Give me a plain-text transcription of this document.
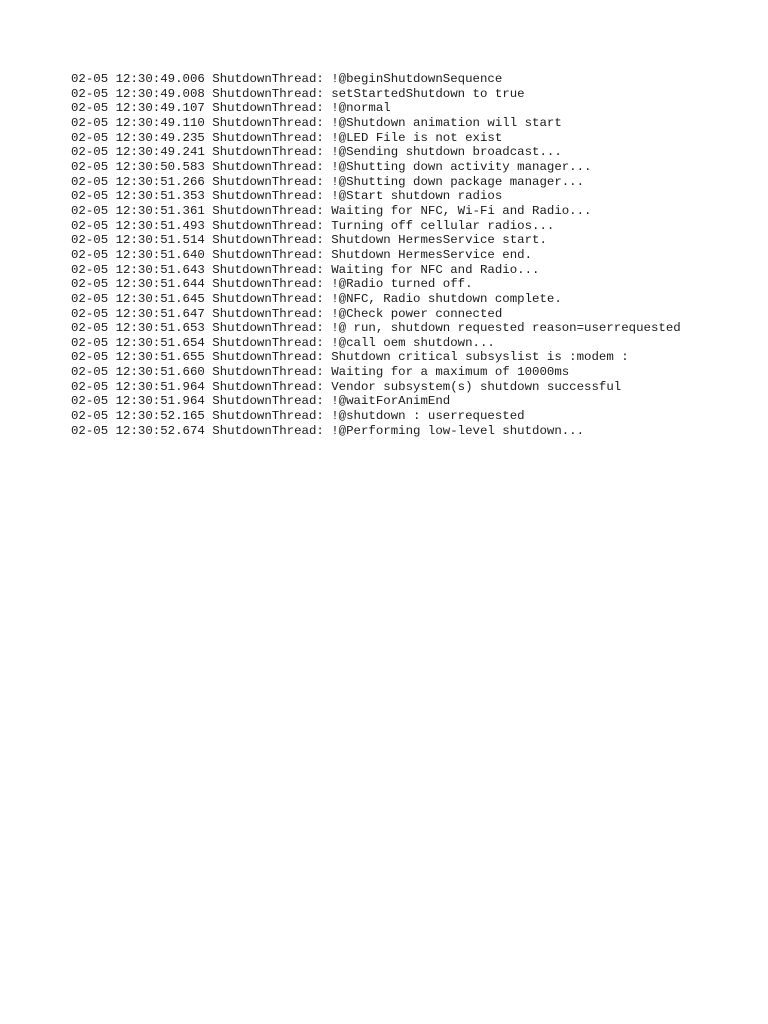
02-05 12:30:49.006 ShutdownThread: !@beginShutdownSequence
02-05 12:30:49.008 ShutdownThread: setStartedShutdown to true
02-05 12:30:49.107 ShutdownThread: !@normal
02-05 12:30:49.110 ShutdownThread: !@Shutdown animation will start
02-05 12:30:49.235 ShutdownThread: !@LED File is not exist
02-05 12:30:49.241 ShutdownThread: !@Sending shutdown broadcast...
02-05 12:30:50.583 ShutdownThread: !@Shutting down activity manager...
02-05 12:30:51.266 ShutdownThread: !@Shutting down package manager...
02-05 12:30:51.353 ShutdownThread: !@Start shutdown radios
02-05 12:30:51.361 ShutdownThread: Waiting for NFC, Wi-Fi and Radio...
02-05 12:30:51.493 ShutdownThread: Turning off cellular radios...
02-05 12:30:51.514 ShutdownThread: Shutdown HermesService start.
02-05 12:30:51.640 ShutdownThread: Shutdown HermesService end.
02-05 12:30:51.643 ShutdownThread: Waiting for NFC and Radio...
02-05 12:30:51.644 ShutdownThread: !@Radio turned off.
02-05 12:30:51.645 ShutdownThread: !@NFC, Radio shutdown complete.
02-05 12:30:51.647 ShutdownThread: !@Check power connected
02-05 12:30:51.653 ShutdownThread: !@ run, shutdown requested reason=userrequested
02-05 12:30:51.654 ShutdownThread: !@call oem shutdown...
02-05 12:30:51.655 ShutdownThread: Shutdown critical subsyslist is :modem :
02-05 12:30:51.660 ShutdownThread: Waiting for a maximum of 10000ms
02-05 12:30:51.964 ShutdownThread: Vendor subsystem(s) shutdown successful
02-05 12:30:51.964 ShutdownThread: !@waitForAnimEnd
02-05 12:30:52.165 ShutdownThread: !@shutdown : userrequested
02-05 12:30:52.674 ShutdownThread: !@Performing low-level shutdown...
